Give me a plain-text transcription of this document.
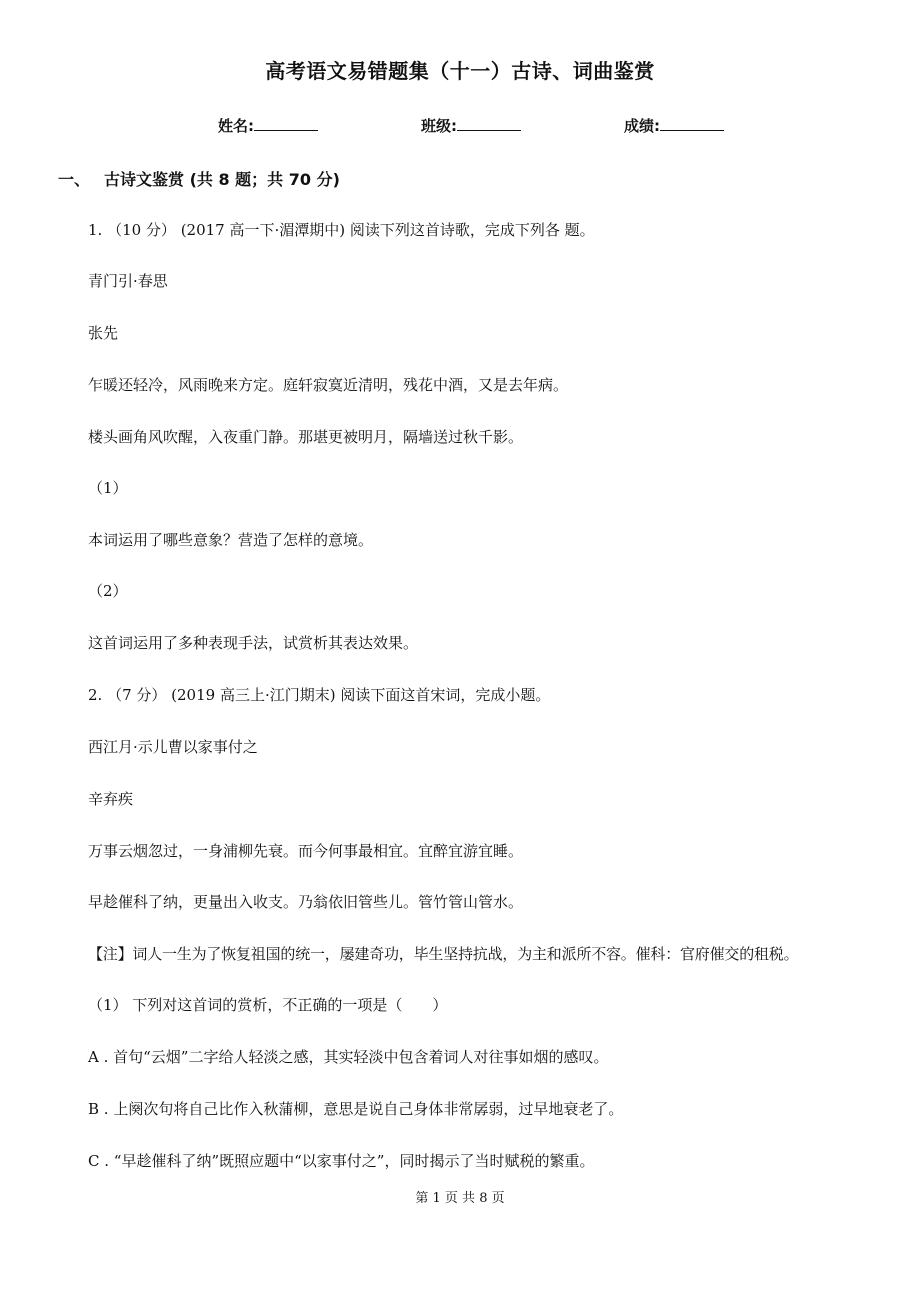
高考语文易错题集（十一）古诗、词曲鉴赏
姓名:	班级:	成绩:
一、 古诗文鉴赏 (共 8 题；共 70 分)
1. （10 分） (2017 高一下·湄潭期中) 阅读下列这首诗歌，完成下列各 题。
青门引·春思
张先
乍暖还轻冷，风雨晚来方定。庭轩寂寞近清明，残花中酒，又是去年病。
楼头画角风吹醒，入夜重门静。那堪更被明月，隔墙送过秋千影。
（1）
本词运用了哪些意象？营造了怎样的意境。
（2）
这首词运用了多种表现手法，试赏析其表达效果。
2. （7 分） (2019 高三上·江门期末) 阅读下面这首宋词，完成小题。
西江月·示儿曹以家事付之
辛弃疾
万事云烟忽过，一身浦柳先衰。而今何事最相宜。宜醉宜游宜睡。
早趁催科了纳，更量出入收支。乃翁依旧管些儿。管竹管山管水。
【注】词人一生为了恢复祖国的统一，屡建奇功，毕生坚持抗战，为主和派所不容。催科：官府催交的租税。
（1） 下列对这首词的赏析，不正确的一项是（　　）
A . 首句“云烟”二字给人轻淡之感，其实轻淡中包含着词人对往事如烟的感叹。
B . 上阕次句将自己比作入秋蒲柳，意思是说自己身体非常孱弱，过早地衰老了。
C . “早趁催科了纳”既照应题中“以家事付之”，同时揭示了当时赋税的繁重。
第 1 页 共 8 页
